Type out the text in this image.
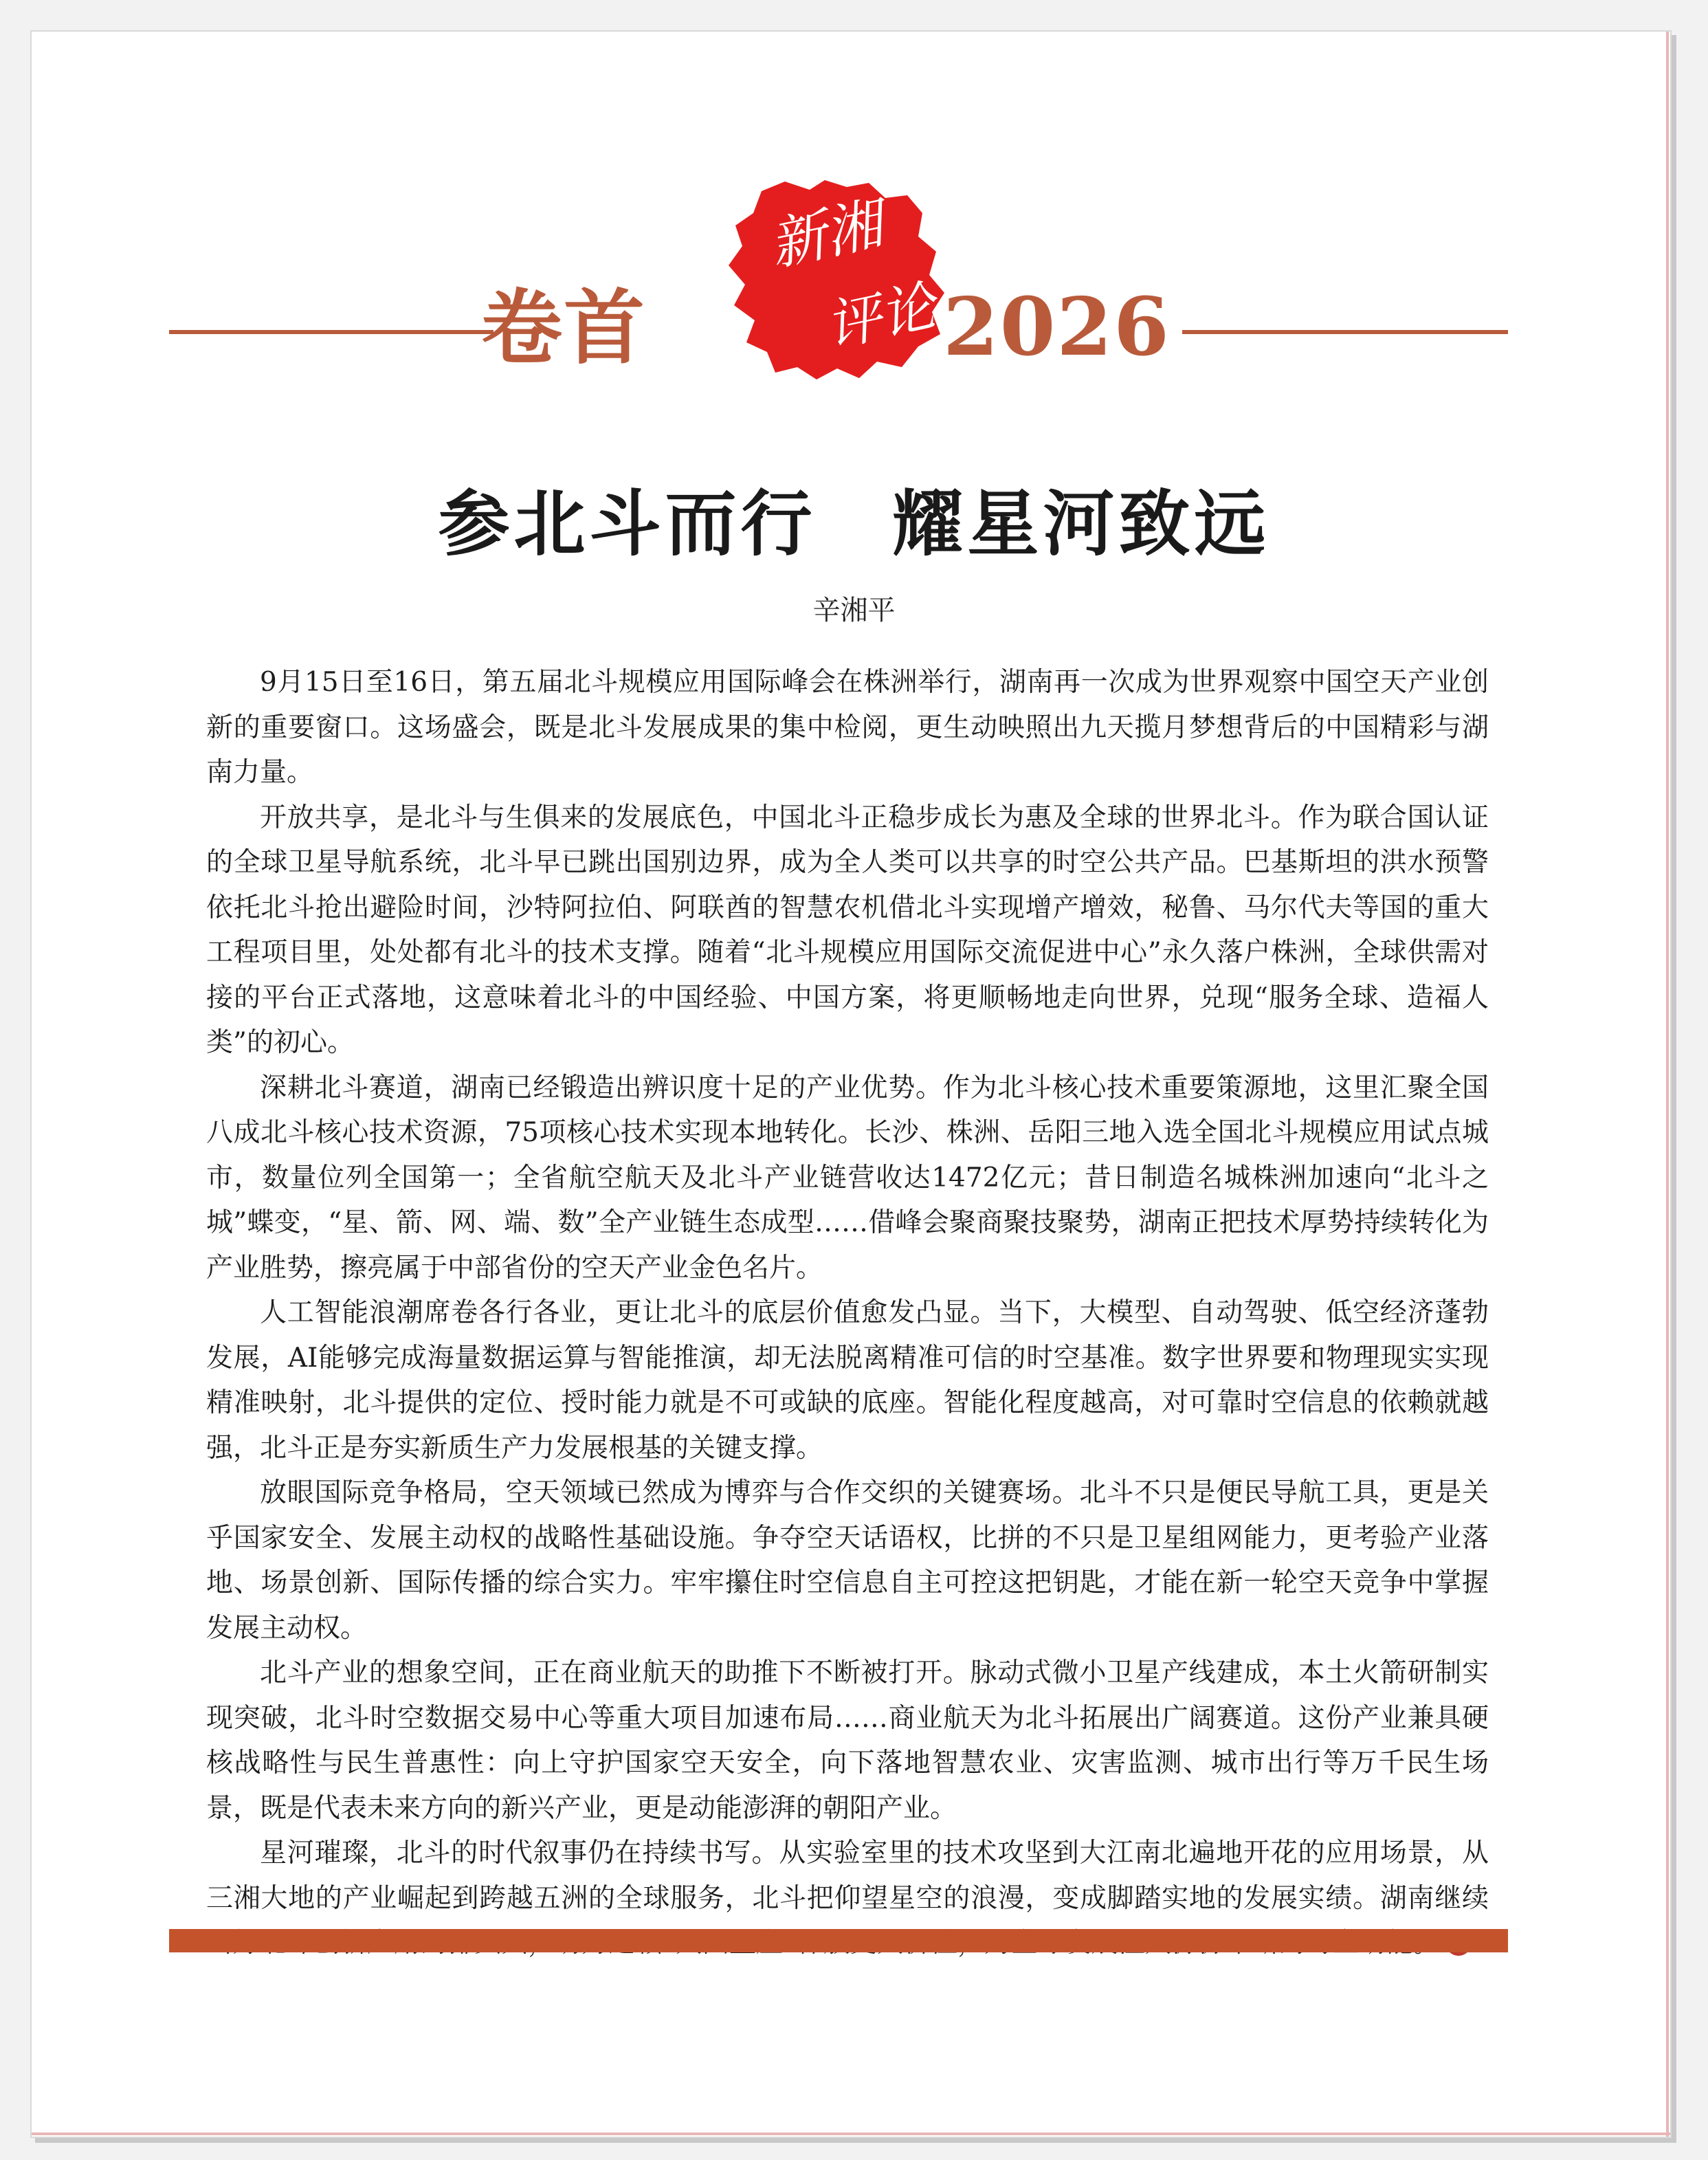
卷首	2026
新湘
评论
参北斗而行　耀星河致远
辛湘平

9月15日至16日，第五届北斗规模应用国际峰会在株洲举行，湖南再一次成为世界观察中国空天产业创新的重要窗口。这场盛会，既是北斗发展成果的集中检阅，更生动映照出九天揽月梦想背后的中国精彩与湖南力量。

开放共享，是北斗与生俱来的发展底色，中国北斗正稳步成长为惠及全球的世界北斗。作为联合国认证的全球卫星导航系统，北斗早已跳出国别边界，成为全人类可以共享的时空公共产品。巴基斯坦的洪水预警依托北斗抢出避险时间，沙特阿拉伯、阿联酋的智慧农机借北斗实现增产增效，秘鲁、马尔代夫等国的重大工程项目里，处处都有北斗的技术支撑。随着“北斗规模应用国际交流促进中心”永久落户株洲，全球供需对接的平台正式落地，这意味着北斗的中国经验、中国方案，将更顺畅地走向世界，兑现“服务全球、造福人类”的初心。

深耕北斗赛道，湖南已经锻造出辨识度十足的产业优势。作为北斗核心技术重要策源地，这里汇聚全国八成北斗核心技术资源，75项核心技术实现本地转化。长沙、株洲、岳阳三地入选全国北斗规模应用试点城市，数量位列全国第一；全省航空航天及北斗产业链营收达1472亿元；昔日制造名城株洲加速向“北斗之城”蝶变，“星、箭、网、端、数”全产业链生态成型……借峰会聚商聚技聚势，湖南正把技术厚势持续转化为产业胜势，擦亮属于中部省份的空天产业金色名片。

人工智能浪潮席卷各行各业，更让北斗的底层价值愈发凸显。当下，大模型、自动驾驶、低空经济蓬勃发展，AI能够完成海量数据运算与智能推演，却无法脱离精准可信的时空基准。数字世界要和物理现实实现精准映射，北斗提供的定位、授时能力就是不可或缺的底座。智能化程度越高，对可靠时空信息的依赖就越强，北斗正是夯实新质生产力发展根基的关键支撑。

放眼国际竞争格局，空天领域已然成为博弈与合作交织的关键赛场。北斗不只是便民导航工具，更是关乎国家安全、发展主动权的战略性基础设施。争夺空天话语权，比拼的不只是卫星组网能力，更考验产业落地、场景创新、国际传播的综合实力。牢牢攥住时空信息自主可控这把钥匙，才能在新一轮空天竞争中掌握发展主动权。

北斗产业的想象空间，正在商业航天的助推下不断被打开。脉动式微小卫星产线建成，本土火箭研制实现突破，北斗时空数据交易中心等重大项目加速布局……商业航天为北斗拓展出广阔赛道。这份产业兼具硬核战略性与民生普惠性：向上守护国家空天安全，向下落地智慧农业、灾害监测、城市出行等万千民生场景，既是代表未来方向的新兴产业，更是动能澎湃的朝阳产业。

星河璀璨，北斗的时代叙事仍在持续书写。从实验室里的技术攻坚到大江南北遍地开花的应用场景，从三湘大地的产业崛起到跨越五洲的全球服务，北斗把仰望星空的浪漫，变成脚踏实地的发展实绩。湖南继续
